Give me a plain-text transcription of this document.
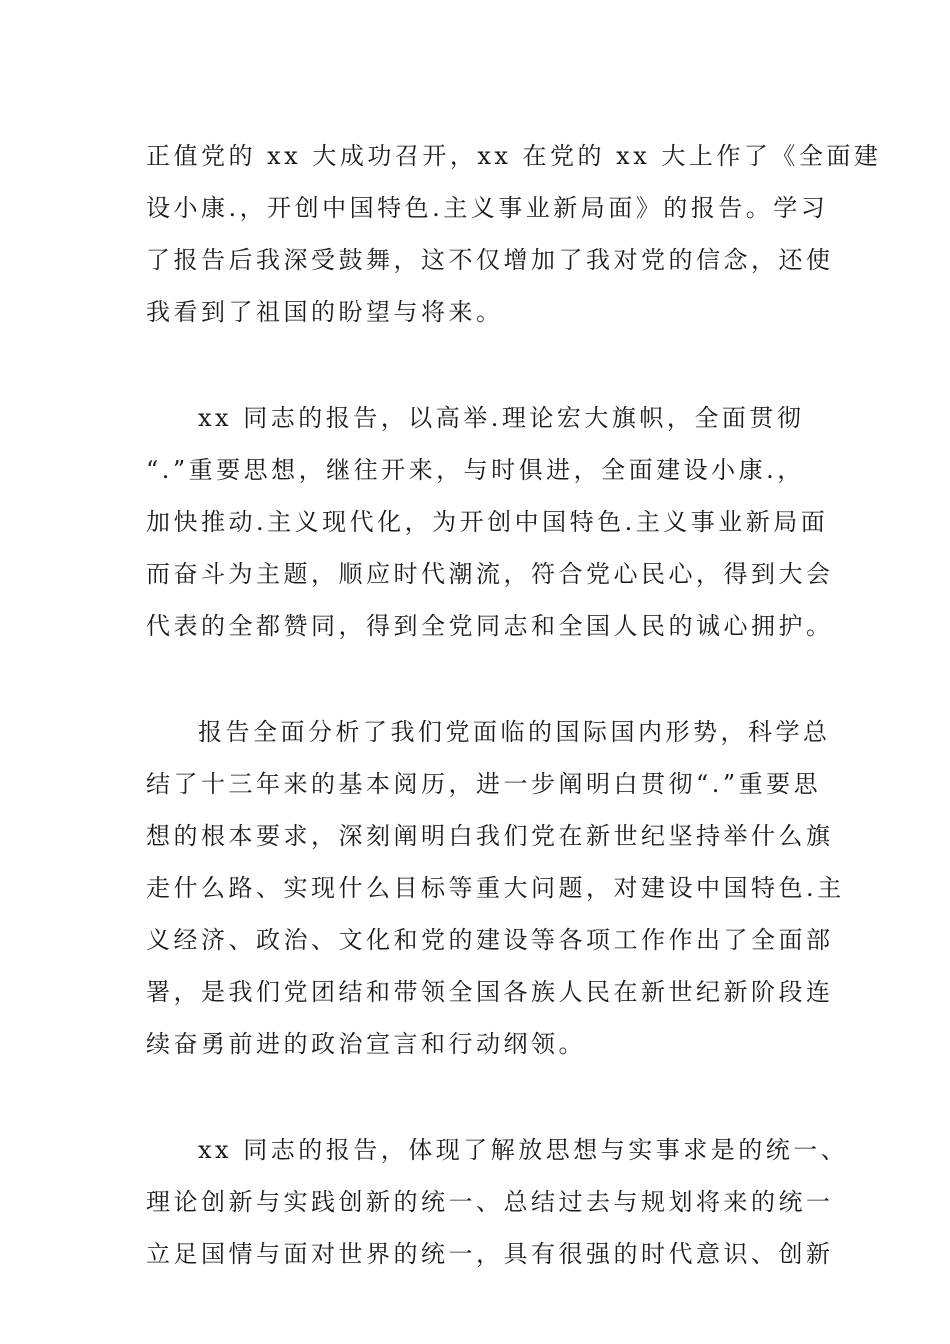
正值党的 xx 大成功召开，xx 在党的 xx 大上作了《全面建
设小康.，开创中国特色.主义事业新局面》的报告。学习
了报告后我深受鼓舞，这不仅增加了我对党的信念，还使
我看到了祖国的盼望与将来。
xx 同志的报告，以高举.理论宏大旗帜，全面贯彻
“.”重要思想，继往开来，与时俱进，全面建设小康.，
加快推动.主义现代化，为开创中国特色.主义事业新局面
而奋斗为主题，顺应时代潮流，符合党心民心，得到大会
代表的全都赞同，得到全党同志和全国人民的诚心拥护。
报告全面分析了我们党面临的国际国内形势，科学总
结了十三年来的基本阅历，进一步阐明白贯彻“.”重要思
想的根本要求，深刻阐明白我们党在新世纪坚持举什么旗
走什么路、实现什么目标等重大问题，对建设中国特色.主
义经济、政治、文化和党的建设等各项工作作出了全面部
署，是我们党团结和带领全国各族人民在新世纪新阶段连
续奋勇前进的政治宣言和行动纲领。
xx 同志的报告，体现了解放思想与实事求是的统一、
理论创新与实践创新的统一、总结过去与规划将来的统一
立足国情与面对世界的统一，具有很强的时代意识、创新
